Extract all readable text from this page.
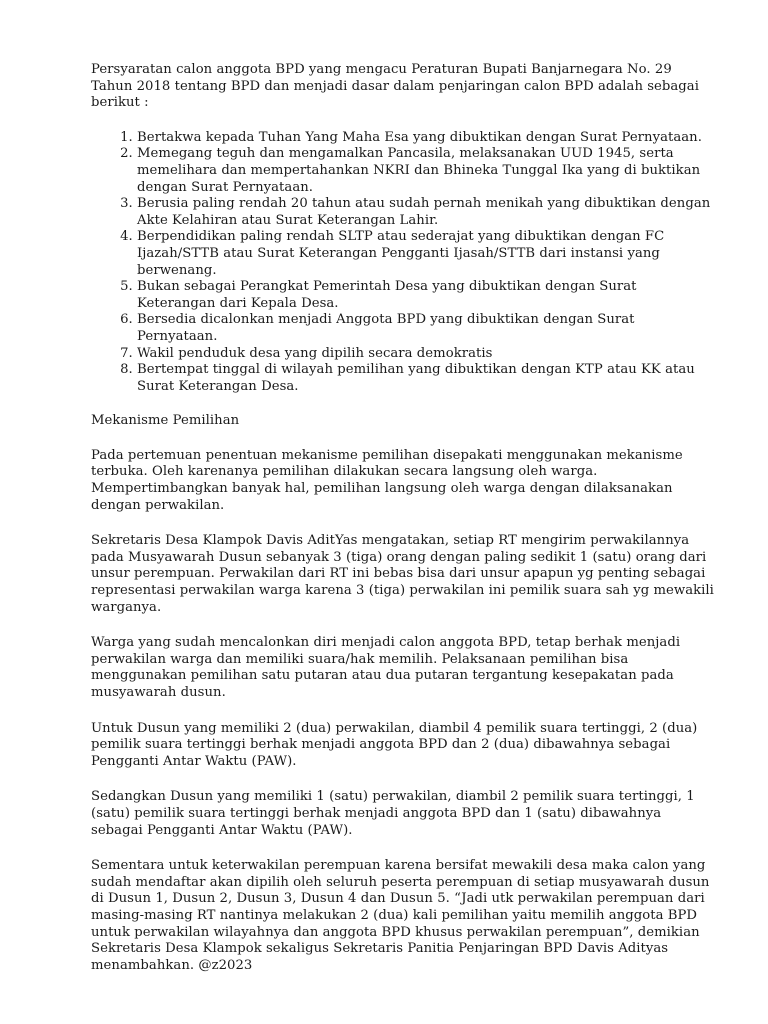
Persyaratan calon anggota BPD yang mengacu Peraturan Bupati Banjarnegara No. 29 Tahun 2018 tentang BPD dan menjadi dasar dalam penjaringan calon BPD adalah sebagai berikut :

1. Bertakwa kepada Tuhan Yang Maha Esa yang dibuktikan dengan Surat Pernyataan.
2. Memegang teguh dan mengamalkan Pancasila, melaksanakan UUD 1945, serta memelihara dan mempertahankan NKRI dan Bhineka Tunggal Ika yang di buktikan dengan Surat Pernyataan.
3. Berusia paling rendah 20 tahun atau sudah pernah menikah yang dibuktikan dengan Akte Kelahiran atau Surat Keterangan Lahir.
4. Berpendidikan paling rendah SLTP atau sederajat yang dibuktikan dengan FC Ijazah/STTB atau Surat Keterangan Pengganti Ijasah/STTB dari instansi yang berwenang.
5. Bukan sebagai Perangkat Pemerintah Desa yang dibuktikan dengan Surat Keterangan dari Kepala Desa.
6. Bersedia dicalonkan menjadi Anggota BPD yang dibuktikan dengan Surat Pernyataan.
7. Wakil penduduk desa yang dipilih secara demokratis
8. Bertempat tinggal di wilayah pemilihan yang dibuktikan dengan KTP atau KK atau Surat Keterangan Desa.

Mekanisme Pemilihan

Pada pertemuan penentuan mekanisme pemilihan disepakati menggunakan mekanisme terbuka. Oleh karenanya pemilihan dilakukan secara langsung oleh warga. Mempertimbangkan banyak hal, pemilihan langsung oleh warga dengan dilaksanakan dengan perwakilan.

Sekretaris Desa Klampok Davis AditYas mengatakan, setiap RT mengirim perwakilannya pada Musyawarah Dusun sebanyak 3 (tiga) orang dengan paling sedikit 1 (satu) orang dari unsur perempuan. Perwakilan dari RT ini bebas bisa dari unsur apapun yg penting sebagai representasi perwakilan warga karena 3 (tiga) perwakilan ini pemilik suara sah yg mewakili warganya.

Warga yang sudah mencalonkan diri menjadi calon anggota BPD, tetap berhak menjadi perwakilan warga dan memiliki suara/hak memilih. Pelaksanaan pemilihan bisa menggunakan pemilihan satu putaran atau dua putaran tergantung kesepakatan pada musyawarah dusun.

Untuk Dusun yang memiliki 2 (dua) perwakilan, diambil 4 pemilik suara tertinggi, 2 (dua) pemilik suara tertinggi berhak menjadi anggota BPD dan 2 (dua) dibawahnya sebagai Pengganti Antar Waktu (PAW).

Sedangkan Dusun yang memiliki 1 (satu) perwakilan, diambil 2 pemilik suara tertinggi, 1 (satu) pemilik suara tertinggi berhak menjadi anggota BPD dan 1 (satu) dibawahnya sebagai Pengganti Antar Waktu (PAW).

Sementara untuk keterwakilan perempuan karena bersifat mewakili desa maka calon yang sudah mendaftar akan dipilih oleh seluruh peserta perempuan di setiap musyawarah dusun di Dusun 1, Dusun 2, Dusun 3, Dusun 4 dan Dusun 5. “Jadi utk perwakilan perempuan dari masing-masing RT nantinya melakukan 2 (dua) kali pemilihan yaitu memilih anggota BPD untuk perwakilan wilayahnya dan anggota BPD khusus perwakilan perempuan”, demikian Sekretaris Desa Klampok sekaligus Sekretaris Panitia Penjaringan BPD Davis Adityas menambahkan. @z2023
